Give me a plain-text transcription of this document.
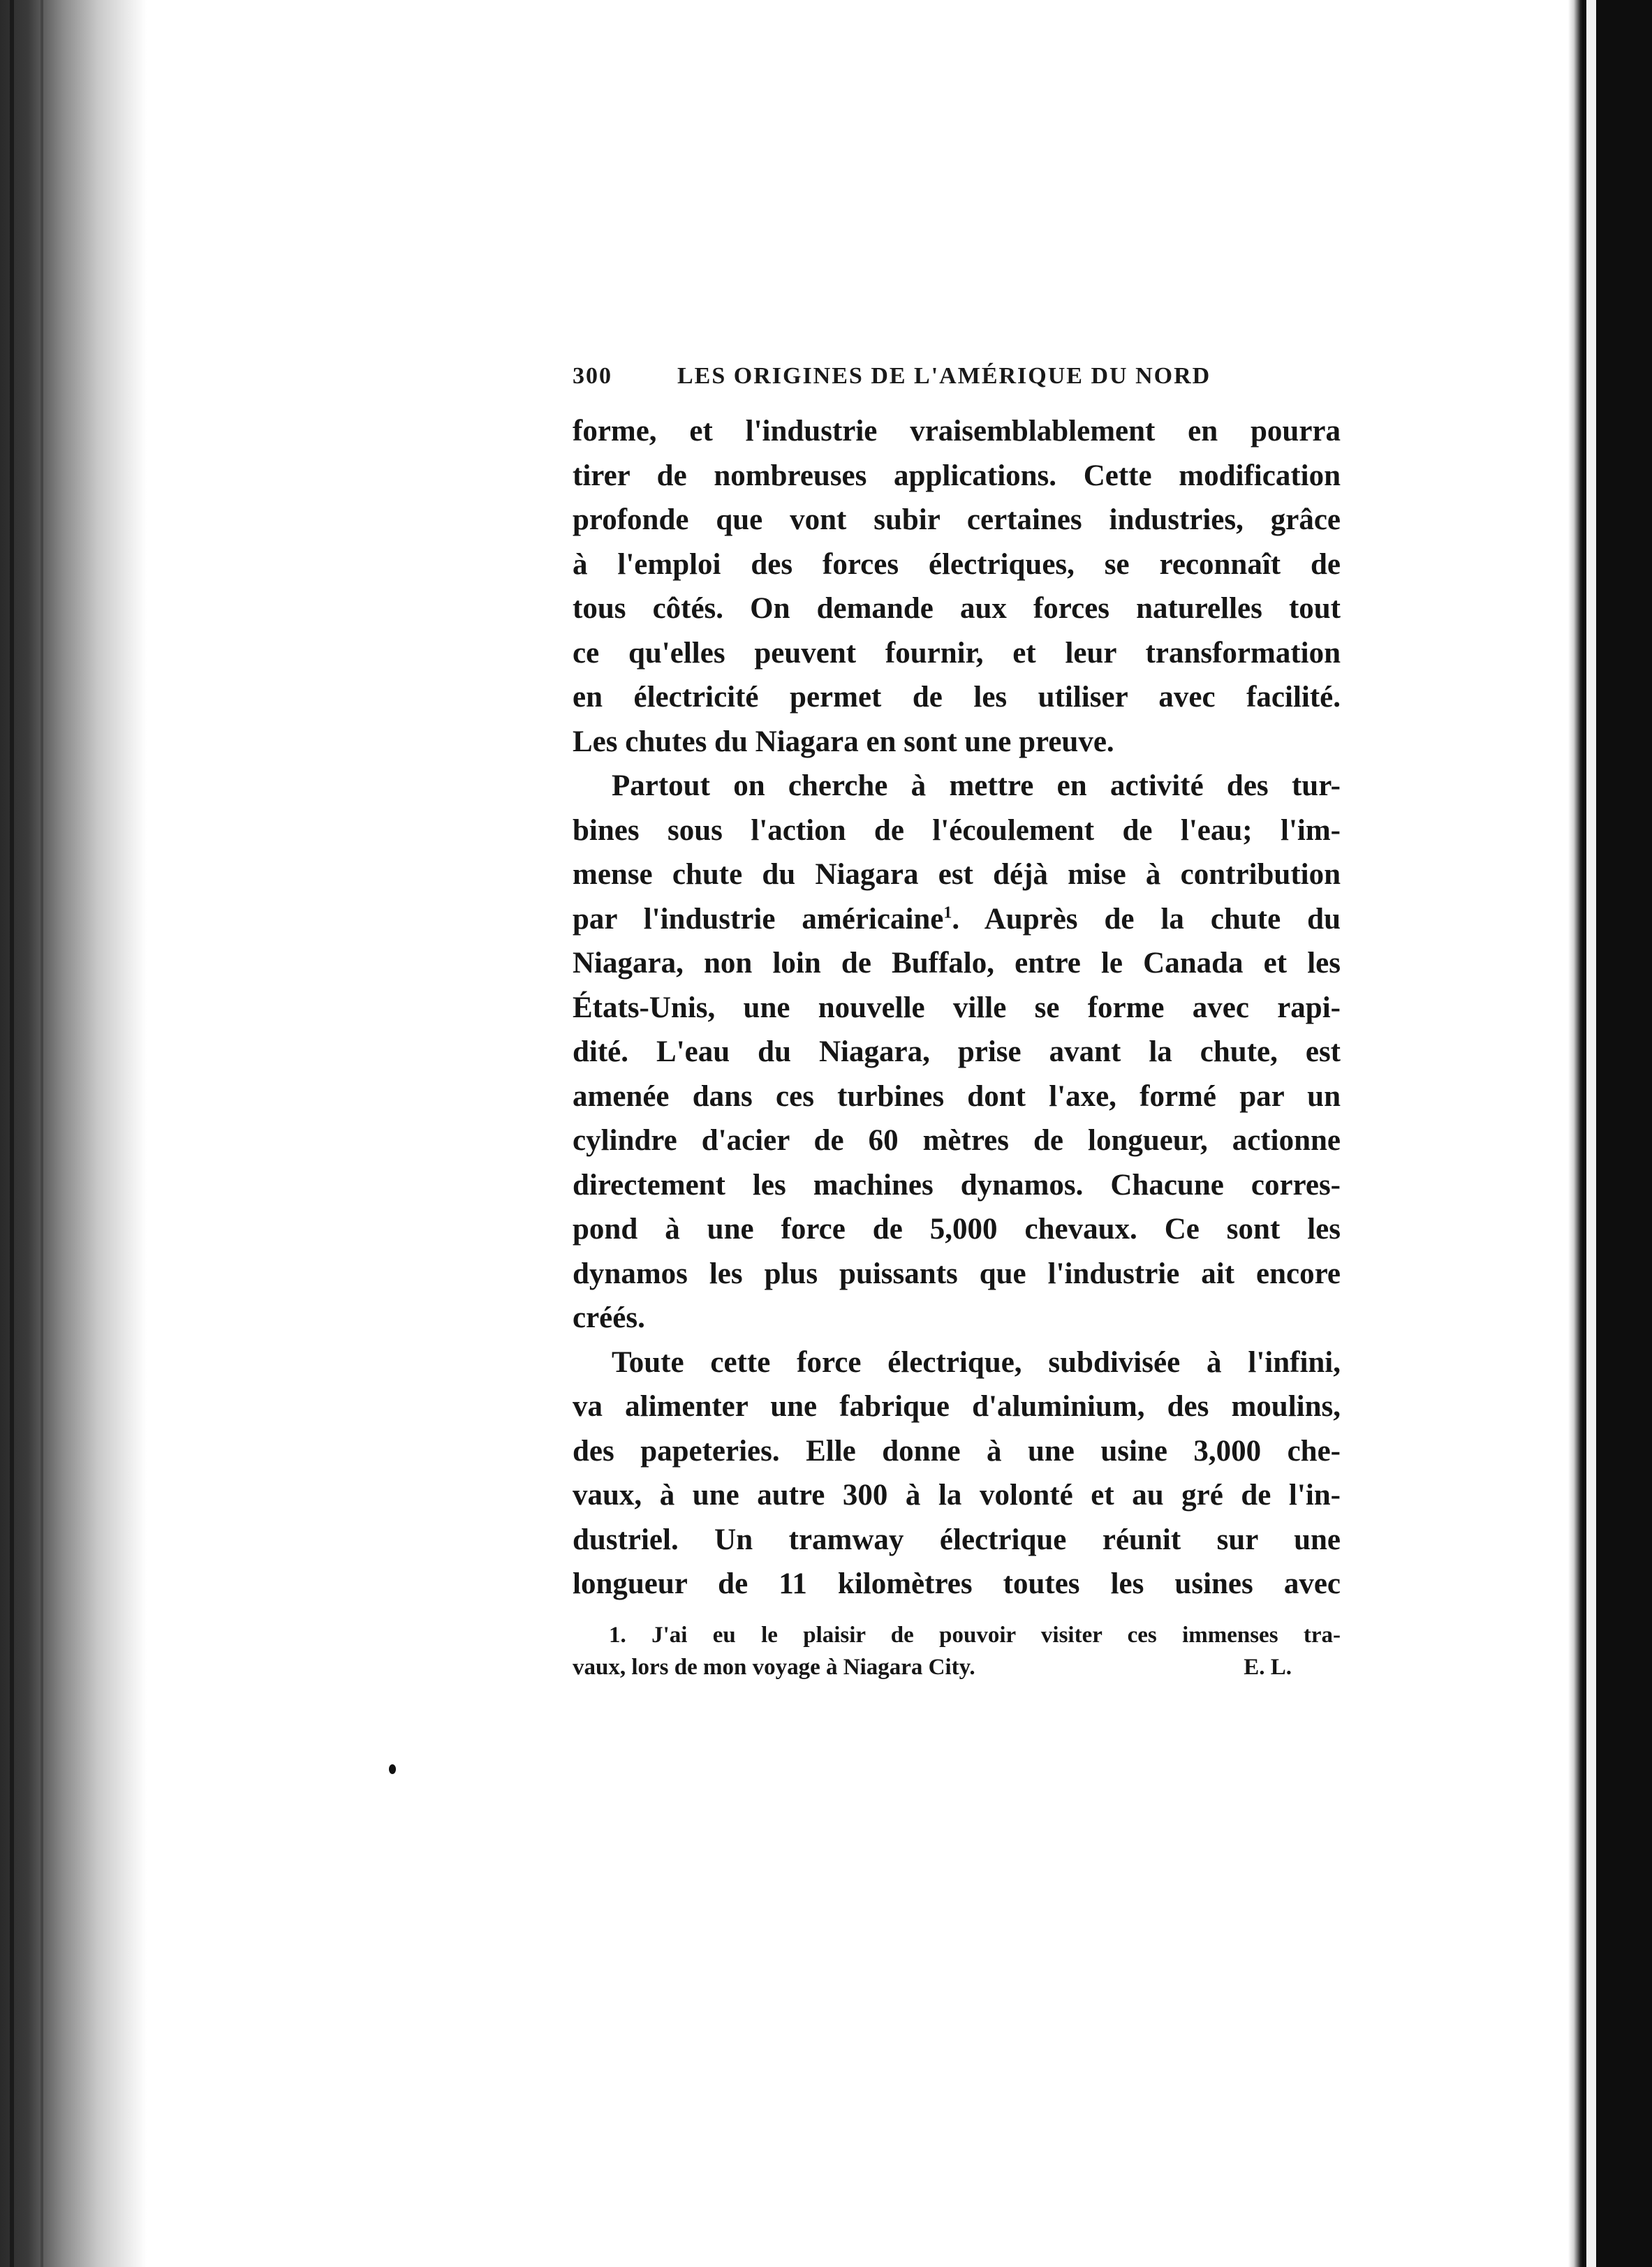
300	LES ORIGINES DE L'AMÉRIQUE DU NORD

forme, et l'industrie vraisemblablement en pourra
tirer de nombreuses applications. Cette modification
profonde que vont subir certaines industries, grâce
à l'emploi des forces électriques, se reconnaît de
tous côtés. On demande aux forces naturelles tout
ce qu'elles peuvent fournir, et leur transformation
en électricité permet de les utiliser avec facilité.
Les chutes du Niagara en sont une preuve.

Partout on cherche à mettre en activité des tur-
bines sous l'action de l'écoulement de l'eau; l'im-
mense chute du Niagara est déjà mise à contribution
par l'industrie américaine$^1$. Auprès de la chute du
Niagara, non loin de Buffalo, entre le Canada et les
États-Unis, une nouvelle ville se forme avec rapi-
dité. L'eau du Niagara, prise avant la chute, est
amenée dans ces turbines dont l'axe, formé par un
cylindre d'acier de 60 mètres de longueur, actionne
directement les machines dynamos. Chacune corres-
pond à une force de 5,000 chevaux. Ce sont les
dynamos les plus puissants que l'industrie ait encore
créés.

Toute cette force électrique, subdivisée à l'infini,
va alimenter une fabrique d'aluminium, des moulins,
des papeteries. Elle donne à une usine 3,000 che-
vaux, à une autre 300 à la volonté et au gré de l'in-
dustriel. Un tramway électrique réunit sur une
longueur de 11 kilomètres toutes les usines avec

1. J'ai eu le plaisir de pouvoir visiter ces immenses tra-
vaux, lors de mon voyage à Niagara City.	E. L.
